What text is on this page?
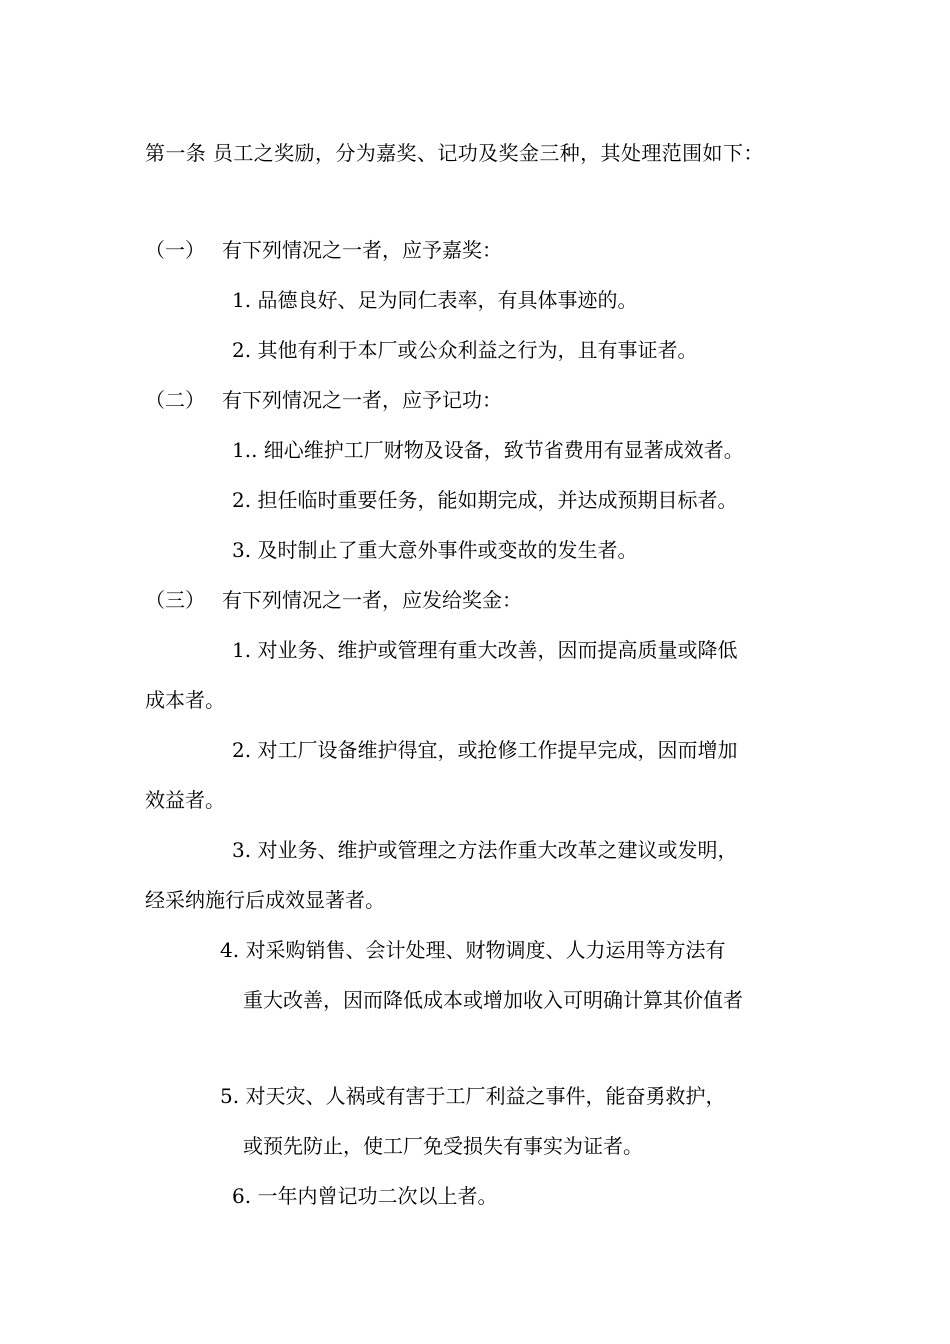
第一条 员工之奖励，分为嘉奖、记功及奖金三种，其处理范围如下：

（一） 有下列情况之一者，应予嘉奖：

1. 品德良好、足为同仁表率，有具体事迹的。

2. 其他有利于本厂或公众利益之行为，且有事证者。

（二） 有下列情况之一者，应予记功：

1.. 细心维护工厂财物及设备，致节省费用有显著成效者。

2. 担任临时重要任务，能如期完成，并达成预期目标者。

3. 及时制止了重大意外事件或变故的发生者。

（三） 有下列情况之一者，应发给奖金：

1. 对业务、维护或管理有重大改善，因而提高质量或降低

成本者。

2. 对工厂设备维护得宜，或抢修工作提早完成，因而增加

效益者。

3. 对业务、维护或管理之方法作重大改革之建议或发明，

经采纳施行后成效显著者。

4. 对采购销售、会计处理、财物调度、人力运用等方法有

重大改善，因而降低成本或增加收入可明确计算其价值者

5. 对天灾、人祸或有害于工厂利益之事件，能奋勇救护，

或预先防止，使工厂免受损失有事实为证者。

6. 一年内曾记功二次以上者。
